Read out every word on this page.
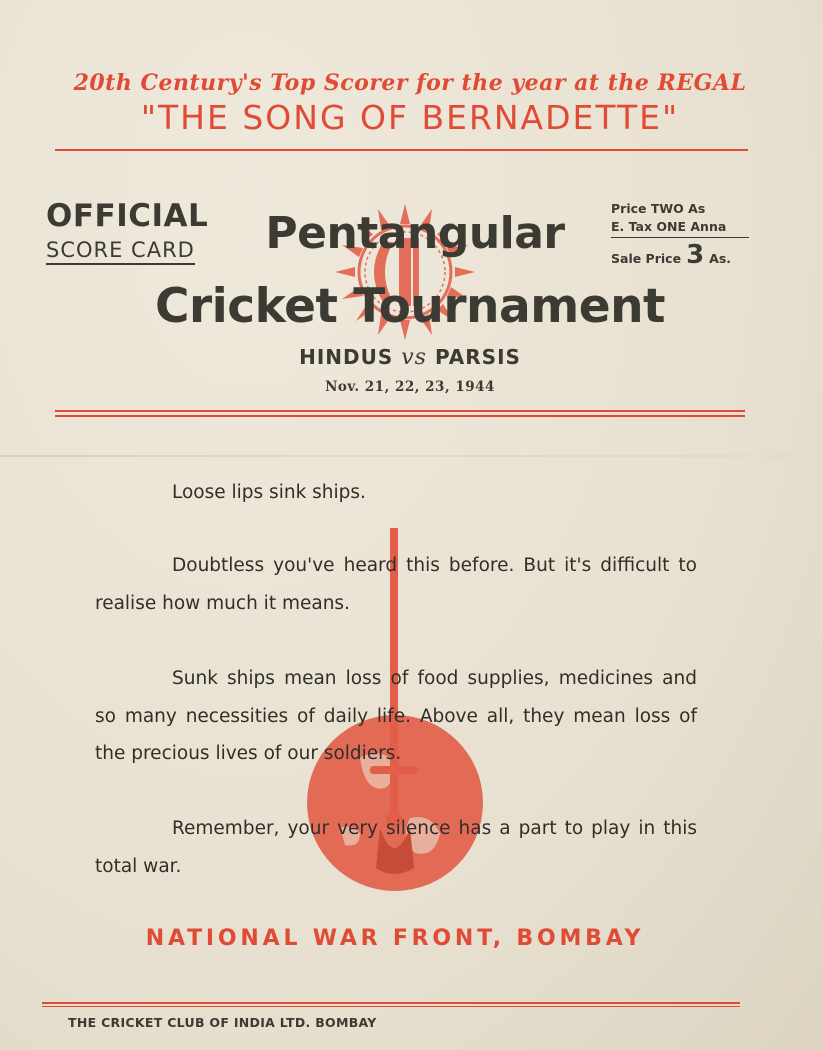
20th Century's Top Scorer for the year at the REGAL
"THE SONG OF BERNADETTE"
OFFICIAL
SCORE CARD	Pentangular
Cricket Tournament
Price TWO As
E. Tax ONE Anna
Sale Price 3 As.
HINDUS vs PARSIS
Nov. 21, 22, 23, 1944
Loose lips sink ships.
Doubtless you've heard this before. But it's difficult to realise how much it means.
Sunk ships mean loss of food supplies, medicines and so many necessities of daily life. Above all, they mean loss of the precious lives of our soldiers.
Remember, your very silence has a part to play in this total war.
NATIONAL WAR FRONT, BOMBAY
THE CRICKET CLUB OF INDIA LTD. BOMBAY
